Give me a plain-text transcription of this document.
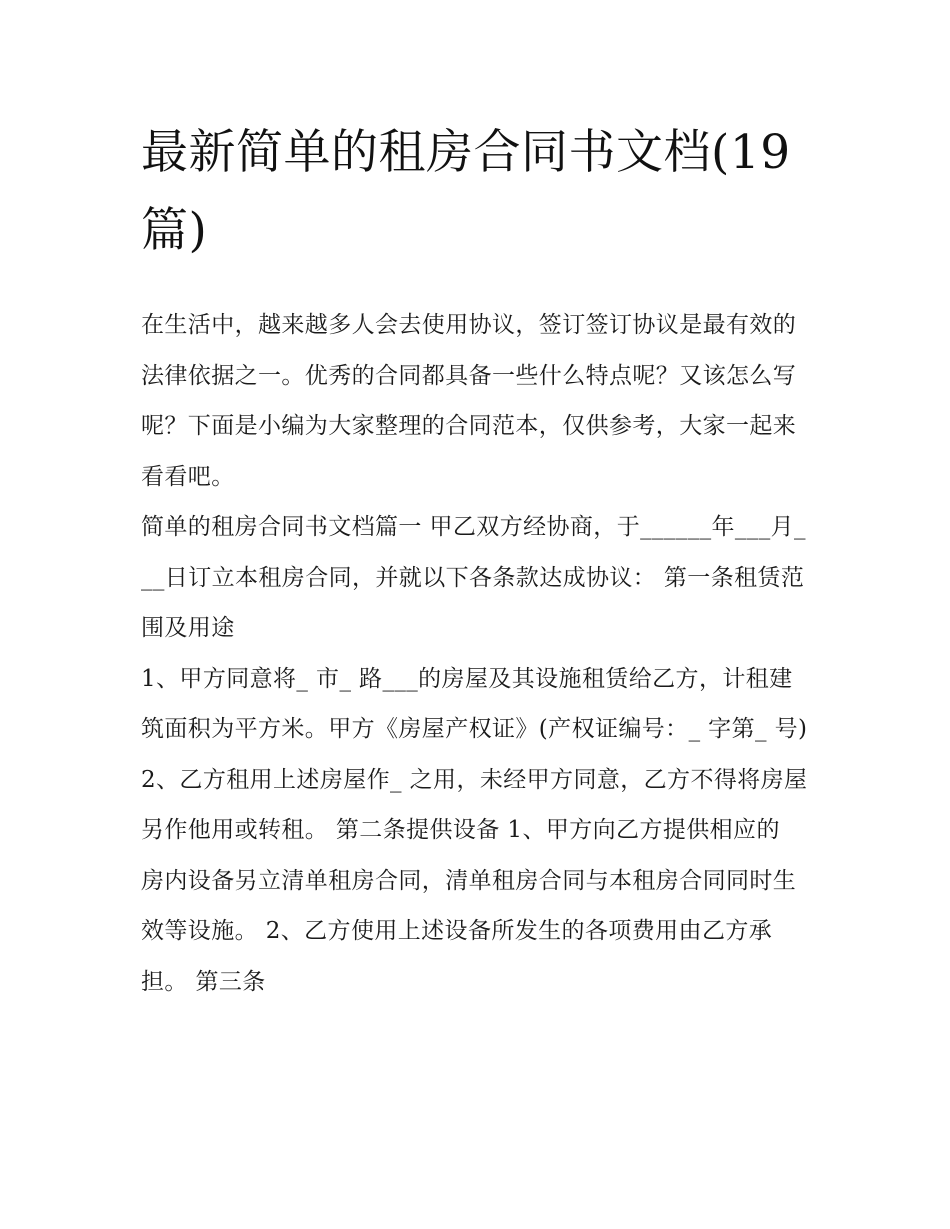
最新简单的租房合同书文档(19篇)

在生活中，越来越多人会去使用协议，签订签订协议是最有效的法律依据之一。优秀的合同都具备一些什么特点呢？又该怎么写呢？下面是小编为大家整理的合同范本，仅供参考，大家一起来看看吧。

简单的租房合同书文档篇一 甲乙双方经协商，于______年___月___日订立本租房合同，并就以下各条款达成协议： 第一条租赁范围及用途

1、甲方同意将_ 市_ 路___的房屋及其设施租赁给乙方，计租建筑面积为平方米。甲方《房屋产权证》(产权证编号：_ 字第_ 号)

2、乙方租用上述房屋作_ 之用，未经甲方同意，乙方不得将房屋另作他用或转租。 第二条提供设备 1、甲方向乙方提供相应的

房内设备另立清单租房合同，清单租房合同与本租房合同同时生效等设施。 2、乙方使用上述设备所发生的各项费用由乙方承担。 第三条
